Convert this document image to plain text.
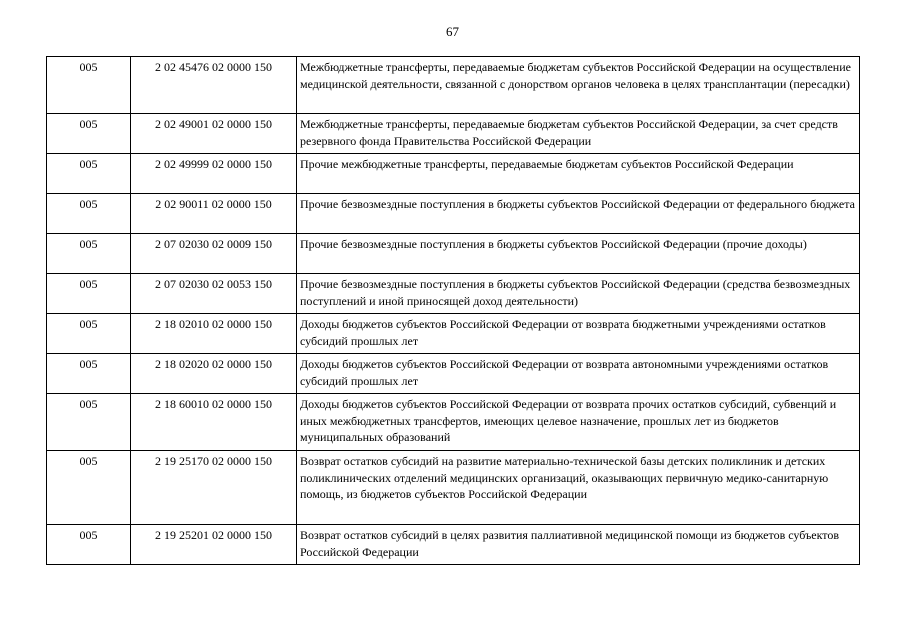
67
005	2 02 45476 02 0000 150	Межбюджетные трансферты, передаваемые бюджетам субъектов Российской Федерации на осуществление медицинской деятельности, связанной с донорством органов человека в целях трансплантации (пересадки)
005	2 02 49001 02 0000 150	Межбюджетные трансферты, передаваемые бюджетам субъектов Российской Федерации, за счет средств резервного фонда Правительства Российской Федерации
005	2 02 49999 02 0000 150	Прочие межбюджетные трансферты, передаваемые бюджетам субъектов Российской Федерации
005	2 02 90011 02 0000 150	Прочие безвозмездные поступления в бюджеты субъектов Российской Федерации от федерального бюджета
005	2 07 02030 02 0009 150	Прочие безвозмездные поступления в бюджеты субъектов Российской Федерации (прочие доходы)
005	2 07 02030 02 0053 150	Прочие безвозмездные поступления в бюджеты субъектов Российской Федерации (средства безвозмездных поступлений и иной приносящей доход деятельности)
005	2 18 02010 02 0000 150	Доходы бюджетов субъектов Российской Федерации от возврата бюджетными учреждениями остатков субсидий прошлых лет
005	2 18 02020 02 0000 150	Доходы бюджетов субъектов Российской Федерации от возврата автономными учреждениями остатков субсидий прошлых лет
005	2 18 60010 02 0000 150	Доходы бюджетов субъектов Российской Федерации от возврата прочих остатков субсидий, субвенций и иных межбюджетных трансфертов, имеющих целевое назначение, прошлых лет из бюджетов муниципальных образований
005	2 19 25170 02 0000 150	Возврат остатков субсидий на развитие материально-технической базы детских поликлиник и детских поликлинических отделений медицинских организаций, оказывающих первичную медико-санитарную помощь, из бюджетов субъектов Российской Федерации
005	2 19 25201 02 0000 150	Возврат остатков субсидий в целях развития паллиативной медицинской помощи из бюджетов субъектов Российской Федерации
